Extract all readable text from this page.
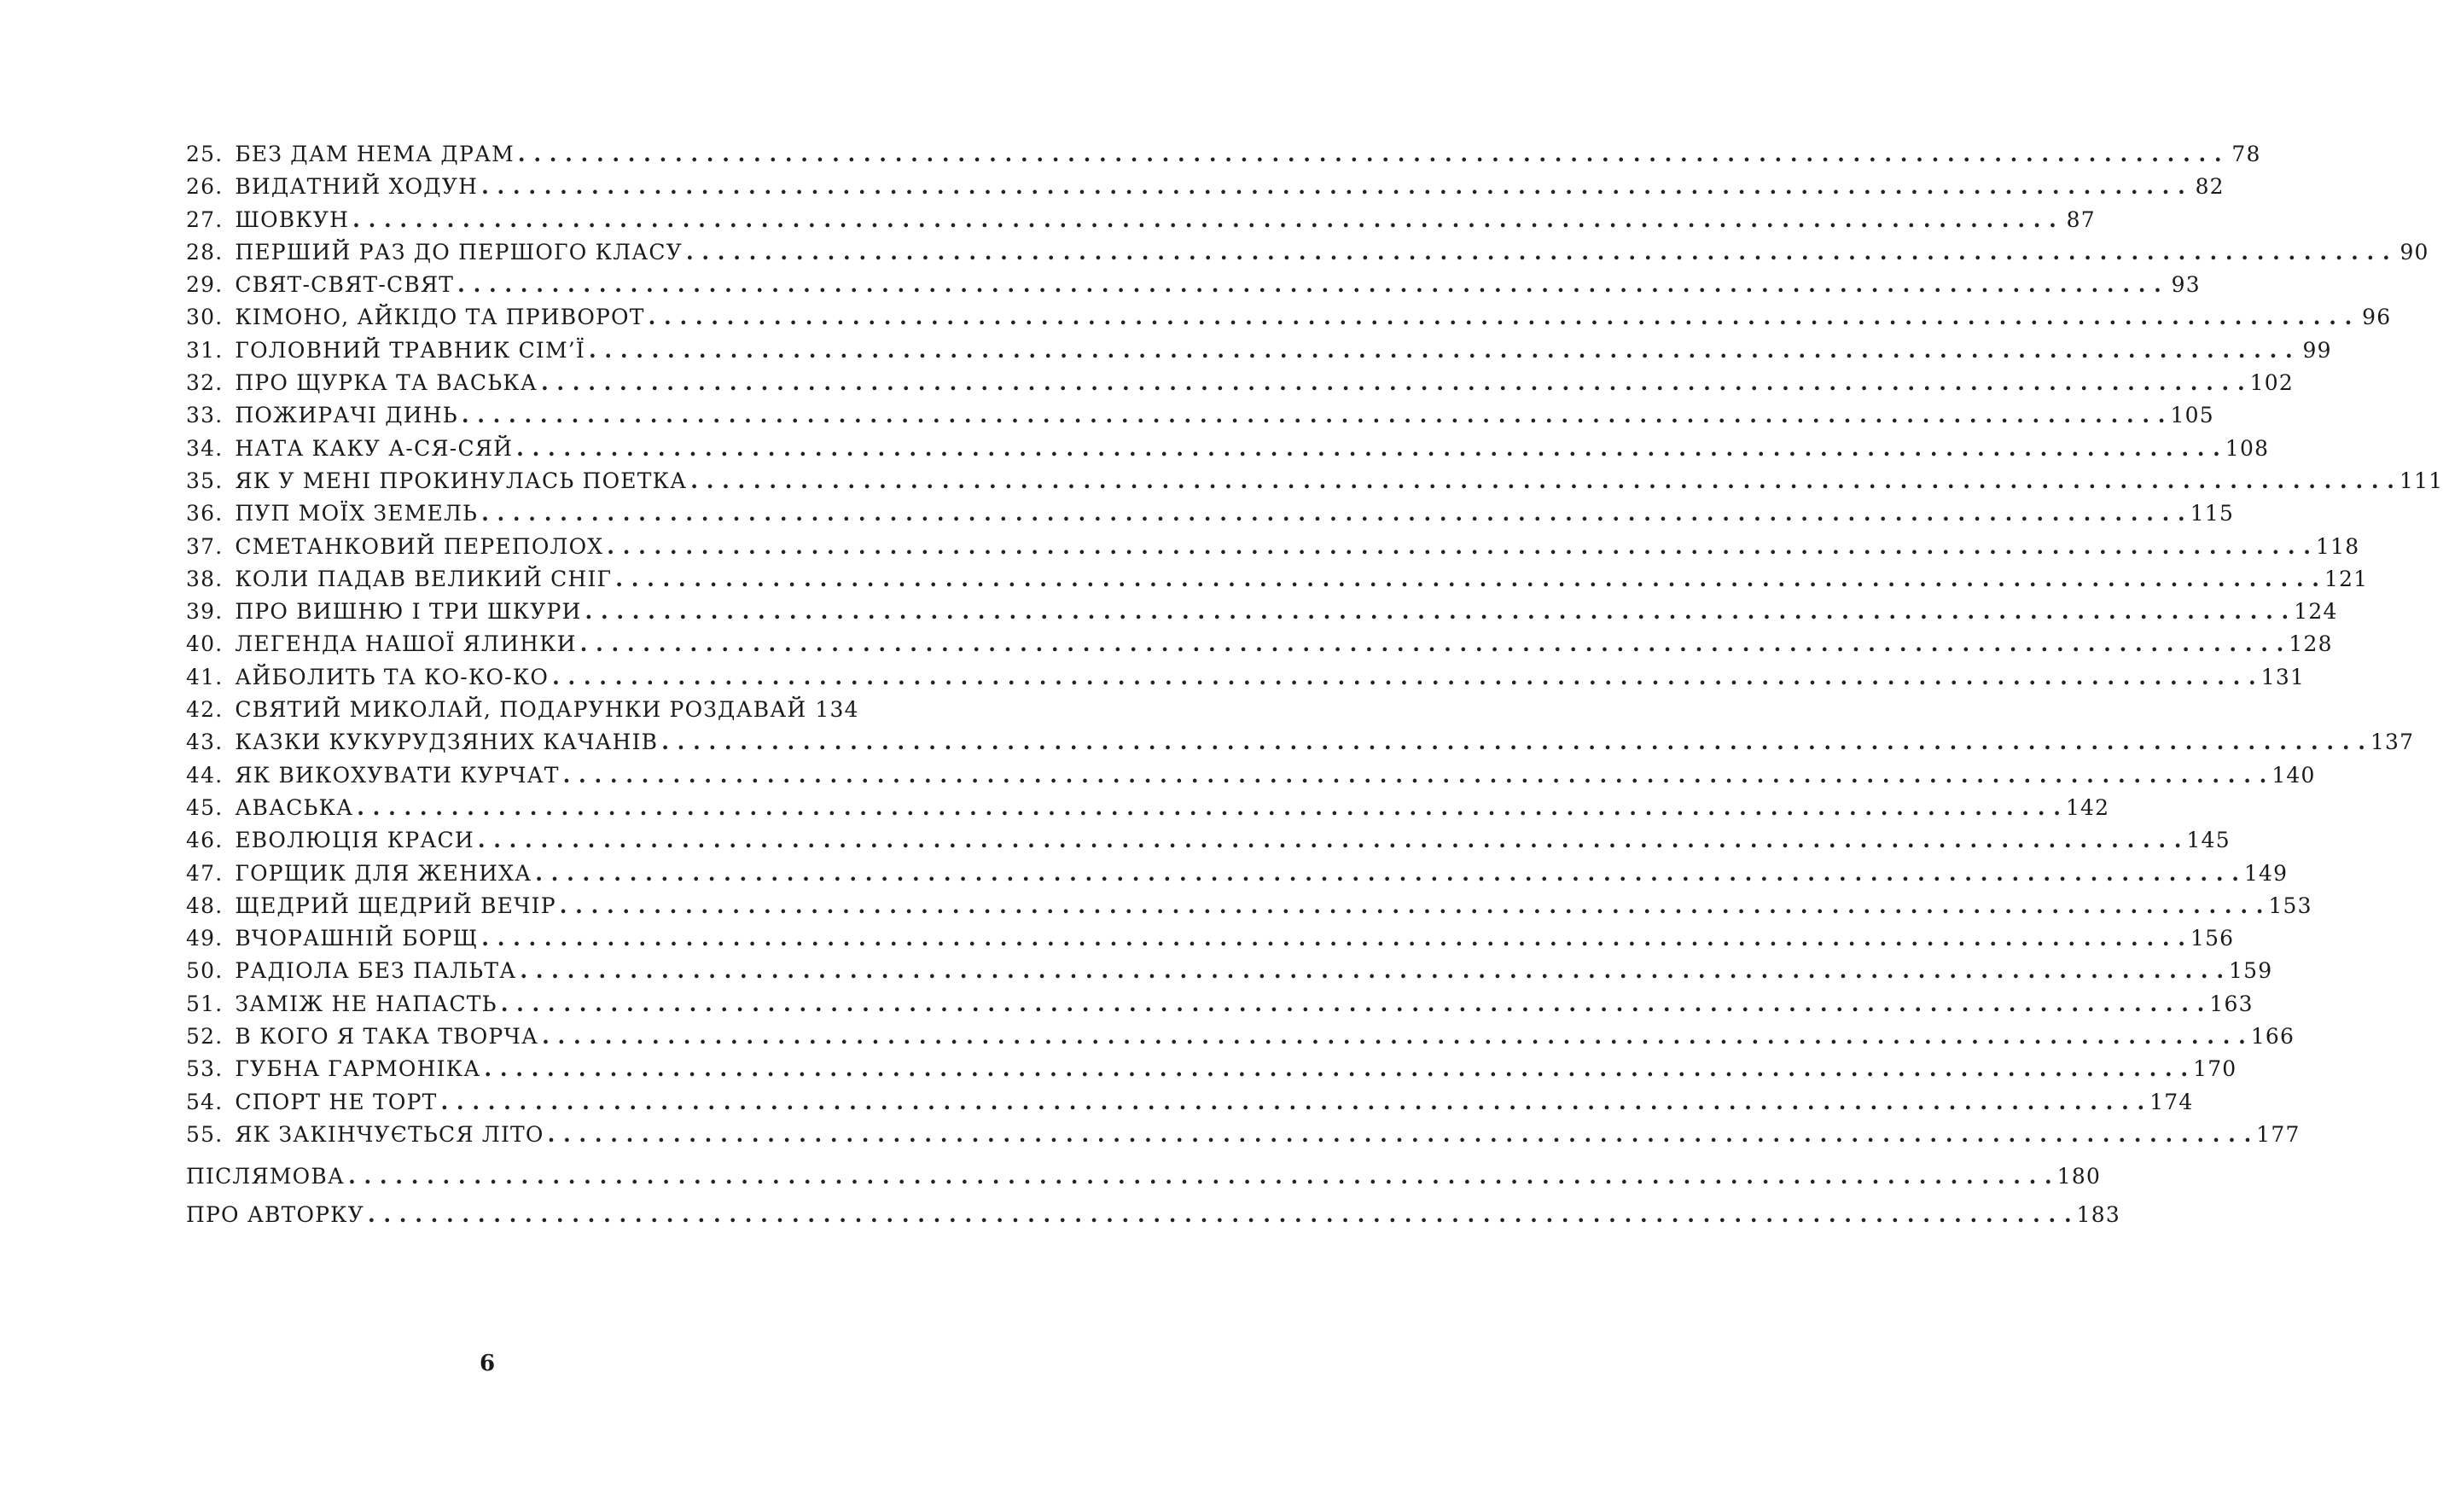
25. БЕЗ ДАМ НЕМА ДРАМ . . .	78
26. ВИДАТНИЙ ХОДУН . . .	82
27. ШОВКУН . . .	87
28. ПЕРШИЙ РАЗ ДО ПЕРШОГО КЛАСУ . . .	90
29. СВЯТ-СВЯТ-СВЯТ . . .	93
30. КІМОНО, АЙКІДО ТА ПРИВОРОТ . . .	96
31. ГОЛОВНИЙ ТРАВНИК СІМ’Ї . . .	99
32. ПРО ЩУРКА ТА ВАСЬКА . . .	102
33. ПОЖИРАЧІ ДИНЬ . . .	105
34. НАТА КАКУ А-СЯ-СЯЙ . . .	108
35. ЯК У МЕНІ ПРОКИНУЛАСЬ ПОЕТКА . . .	111
36. ПУП МОЇХ ЗЕМЕЛЬ . . .	115
37. СМЕТАНКОВИЙ ПЕРЕПОЛОХ . . .	118
38. КОЛИ ПАДАВ ВЕЛИКИЙ СНІГ . . .	121
39. ПРО ВИШНЮ І ТРИ ШКУРИ . . .	124
40. ЛЕГЕНДА НАШОЇ ЯЛИНКИ . . .	128
41. АЙБОЛИТЬ ТА КО-КО-КО . . .	131
42. СВЯТИЙ МИКОЛАЙ, ПОДАРУНКИ РОЗДАВАЙ 134
43. КАЗКИ КУКУРУДЗЯНИХ КАЧАНІВ . . .	137
44. ЯК ВИКОХУВАТИ КУРЧАТ . . .	140
45. АВАСЬКА . . .	142
46. ЕВОЛЮЦІЯ КРАСИ . . .	145
47. ГОРЩИК ДЛЯ ЖЕНИХА . . .	149
48. ЩЕДРИЙ ЩЕДРИЙ ВЕЧІР . . .	153
49. ВЧОРАШНІЙ БОРЩ . . .	156
50. РАДІОЛА БЕЗ ПАЛЬТА . . .	159
51. ЗАМІЖ НЕ НАПАСТЬ . . .	163
52. В КОГО Я ТАКА ТВОРЧА . . .	166
53. ГУБНА ГАРМОНІКА . . .	170
54. СПОРТ НЕ ТОРТ . . .	174
55. ЯК ЗАКІНЧУЄТЬСЯ ЛІТО . . .	177
ПІСЛЯМОВА . . .	180
ПРО АВТОРКУ . . .	183
6
